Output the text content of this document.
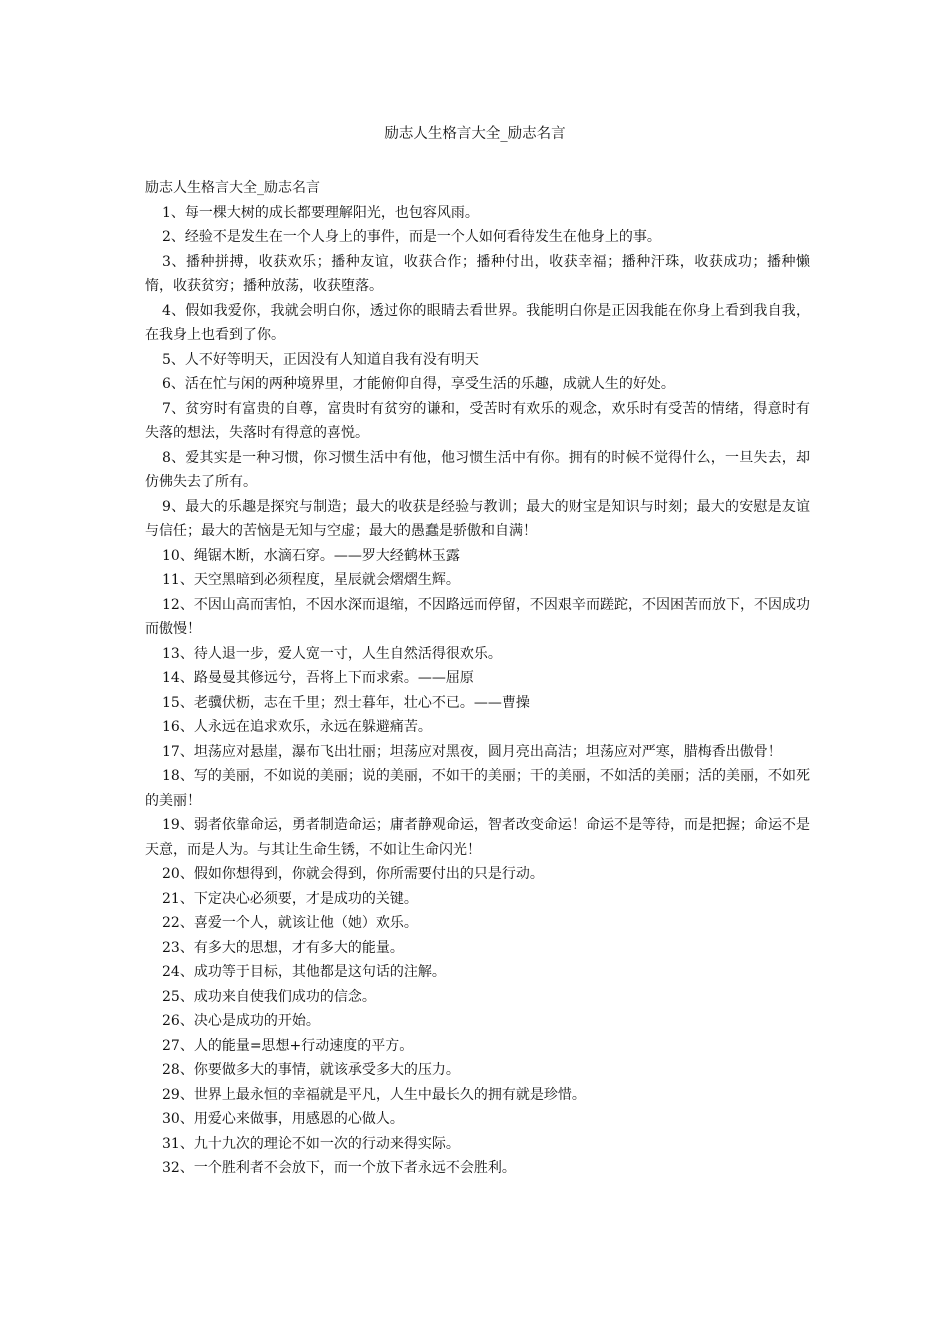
励志人生格言大全_励志名言

励志人生格言大全_励志名言

1、每一棵大树的成长都要理解阳光，也包容风雨。

2、经验不是发生在一个人身上的事件，而是一个人如何看待发生在他身上的事。

3、播种拼搏，收获欢乐；播种友谊，收获合作；播种付出，收获幸福；播种汗珠，收获成功；播种懒惰，收获贫穷；播种放荡，收获堕落。

4、假如我爱你，我就会明白你，透过你的眼睛去看世界。我能明白你是正因我能在你身上看到我自我，在我身上也看到了你。

5、人不好等明天，正因没有人知道自我有没有明天

6、活在忙与闲的两种境界里，才能俯仰自得，享受生活的乐趣，成就人生的好处。

7、贫穷时有富贵的自尊，富贵时有贫穷的谦和，受苦时有欢乐的观念，欢乐时有受苦的情绪，得意时有失落的想法，失落时有得意的喜悦。

8、爱其实是一种习惯，你习惯生活中有他，他习惯生活中有你。拥有的时候不觉得什么，一旦失去，却仿佛失去了所有。

9、最大的乐趣是探究与制造；最大的收获是经验与教训；最大的财宝是知识与时刻；最大的安慰是友谊与信任；最大的苦恼是无知与空虚；最大的愚蠢是骄傲和自满！

10、绳锯木断，水滴石穿。——罗大经鹤林玉露

11、天空黑暗到必须程度，星辰就会熠熠生辉。

12、不因山高而害怕，不因水深而退缩，不因路远而停留，不因艰辛而蹉跎，不因困苦而放下，不因成功而傲慢！

13、待人退一步，爱人宽一寸，人生自然活得很欢乐。

14、路曼曼其修远兮，吾将上下而求索。——屈原

15、老骥伏枥，志在千里；烈士暮年，壮心不已。——曹操

16、人永远在追求欢乐，永远在躲避痛苦。

17、坦荡应对悬崖，瀑布飞出壮丽；坦荡应对黑夜，圆月亮出高洁；坦荡应对严寒，腊梅香出傲骨！

18、写的美丽，不如说的美丽；说的美丽，不如干的美丽；干的美丽，不如活的美丽；活的美丽，不如死的美丽！

19、弱者依靠命运，勇者制造命运；庸者静观命运，智者改变命运！命运不是等待，而是把握；命运不是天意，而是人为。与其让生命生锈，不如让生命闪光！

20、假如你想得到，你就会得到，你所需要付出的只是行动。

21、下定决心必须要，才是成功的关键。

22、喜爱一个人，就该让他（她）欢乐。

23、有多大的思想，才有多大的能量。

24、成功等于目标，其他都是这句话的注解。

25、成功来自使我们成功的信念。

26、决心是成功的开始。

27、人的能量=思想+行动速度的平方。

28、你要做多大的事情，就该承受多大的压力。

29、世界上最永恒的幸福就是平凡，人生中最长久的拥有就是珍惜。

30、用爱心来做事，用感恩的心做人。

31、九十九次的理论不如一次的行动来得实际。

32、一个胜利者不会放下，而一个放下者永远不会胜利。
